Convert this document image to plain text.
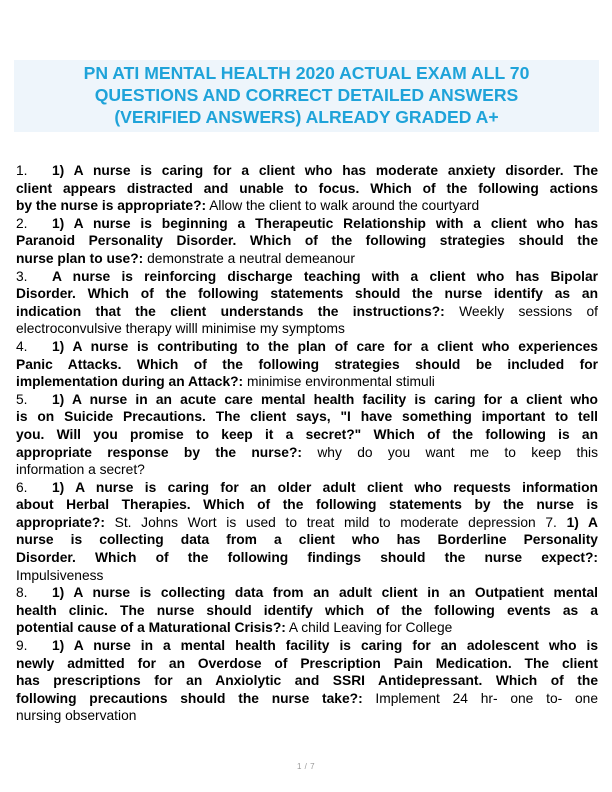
PN ATI MENTAL HEALTH 2020 ACTUAL EXAM ALL 70
QUESTIONS AND CORRECT DETAILED ANSWERS
(VERIFIED ANSWERS) ALREADY GRADED A+
1. 1) A nurse is caring for a client who has moderate anxiety disorder. The
client appears distracted and unable to focus. Which of the following actions
by the nurse is appropriate?: Allow the client to walk around the courtyard
2. 1) A nurse is beginning a Therapeutic Relationship with a client who has
Paranoid Personality Disorder. Which of the following strategies should the
nurse plan to use?: demonstrate a neutral demeanour
3. A nurse is reinforcing discharge teaching with a client who has Bipolar
Disorder. Which of the following statements should the nurse identify as an
indication that the client understands the instructions?: Weekly sessions of
electroconvulsive therapy willl minimise my symptoms
4. 1) A nurse is contributing to the plan of care for a client who experiences
Panic Attacks. Which of the following strategies should be included for
implementation during an Attack?: minimise environmental stimuli
5. 1) A nurse in an acute care mental health facility is caring for a client who
is on Suicide Precautions. The client says, "I have something important to tell
you. Will you promise to keep it a secret?" Which of the following is an
appropriate response by the nurse?: why do you want me to keep this
information a secret?
6. 1) A nurse is caring for an older adult client who requests information
about Herbal Therapies. Which of the following statements by the nurse is
appropriate?: St. Johns Wort is used to treat mild to moderate depression 7. 1) A
nurse is collecting data from a client who has Borderline Personality
Disorder. Which of the following findings should the nurse expect?:
Impulsiveness
8. 1) A nurse is collecting data from an adult client in an Outpatient mental
health clinic. The nurse should identify which of the following events as a
potential cause of a Maturational Crisis?: A child Leaving for College
9. 1) A nurse in a mental health facility is caring for an adolescent who is
newly admitted for an Overdose of Prescription Pain Medication. The client
has prescriptions for an Anxiolytic and SSRI Antidepressant. Which of the
following precautions should the nurse take?: Implement 24 hr- one to- one
nursing observation
1 / 7
